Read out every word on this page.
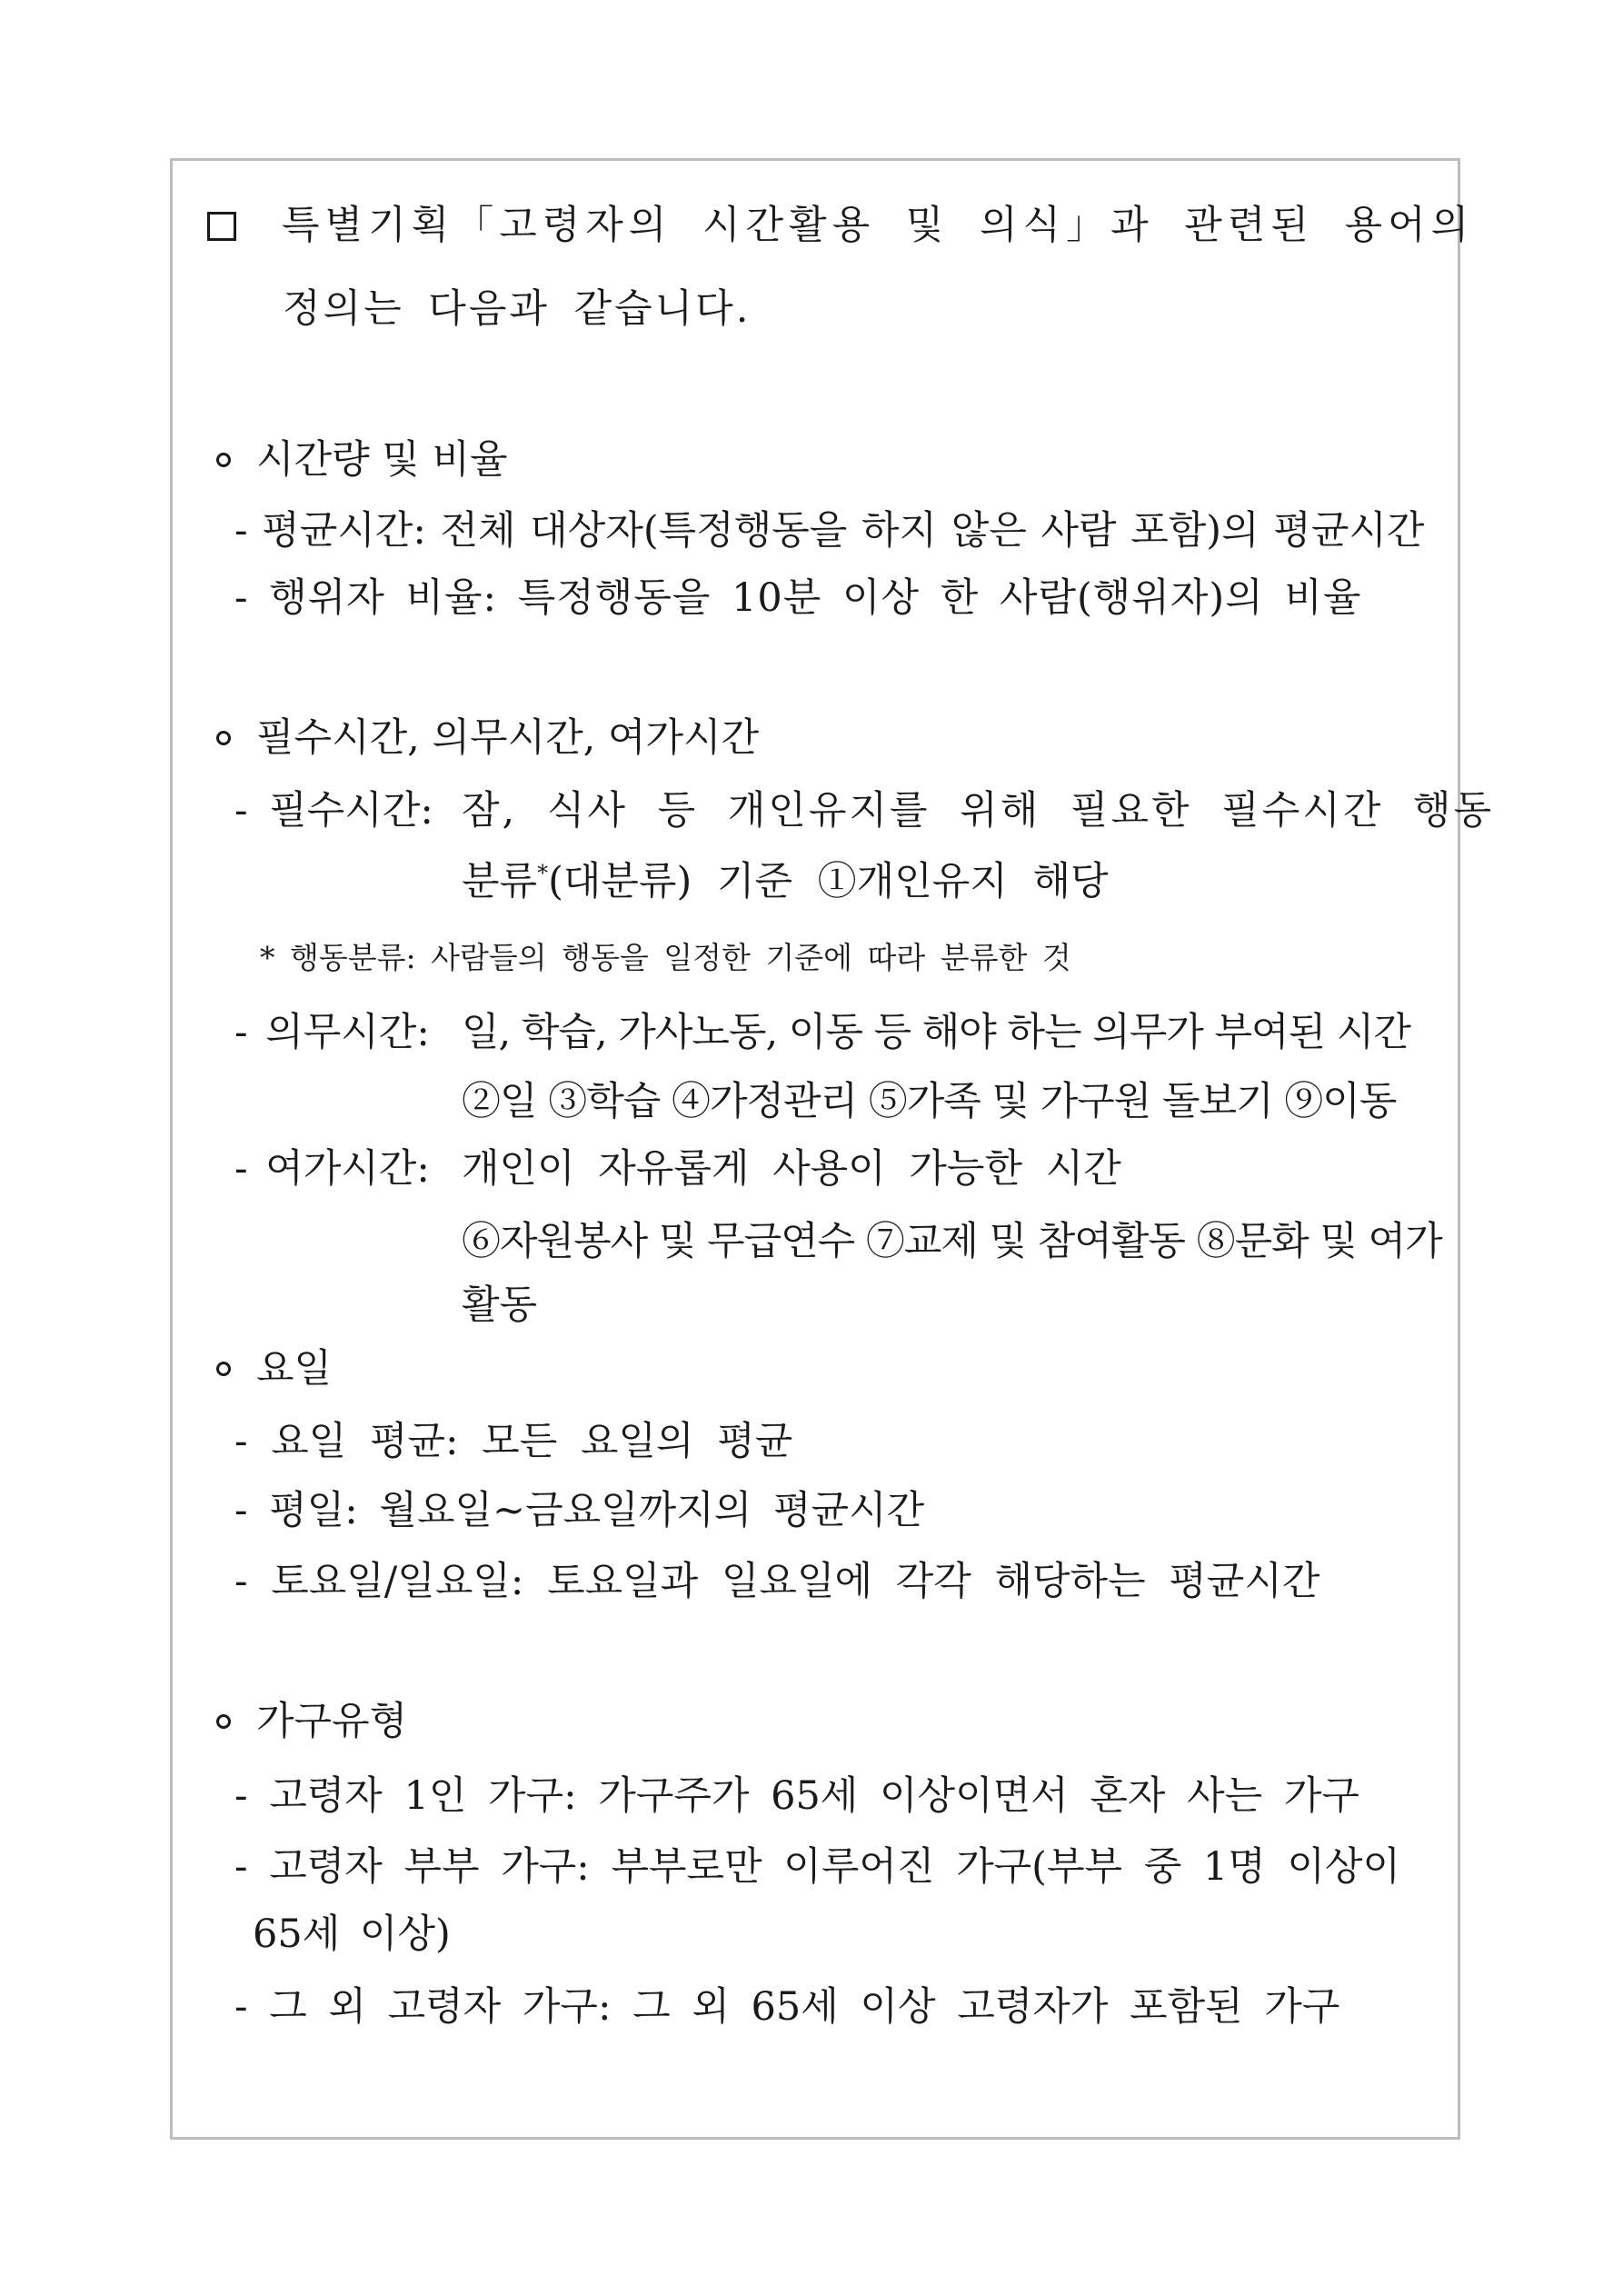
특별기획「고령자의 시간활용 및 의식」과 관련된 용어의
정의는 다음과 같습니다.
시간량 및 비율
- 평균시간: 전체 대상자(특정행동을 하지 않은 사람 포함)의 평균시간
- 행위자 비율: 특정행동을 10분 이상 한 사람(행위자)의 비율
필수시간, 의무시간, 여가시간
- 필수시간: 잠, 식사 등 개인유지를 위해 필요한 필수시간 행동
분류*(대분류) 기준 ①개인유지 해당
* 행동분류: 사람들의 행동을 일정한 기준에 따라 분류한 것
- 의무시간: 일, 학습, 가사노동, 이동 등 해야 하는 의무가 부여된 시간
②일 ③학습 ④가정관리 ⑤가족 및 가구원 돌보기 ⑨이동
- 여가시간: 개인이 자유롭게 사용이 가능한 시간
⑥자원봉사 및 무급연수 ⑦교제 및 참여활동 ⑧문화 및 여가
활동
요일
- 요일 평균: 모든 요일의 평균
- 평일: 월요일~금요일까지의 평균시간
- 토요일/일요일: 토요일과 일요일에 각각 해당하는 평균시간
가구유형
- 고령자 1인 가구: 가구주가 65세 이상이면서 혼자 사는 가구
- 고령자 부부 가구: 부부로만 이루어진 가구(부부 중 1명 이상이
65세 이상)
- 그 외 고령자 가구: 그 외 65세 이상 고령자가 포함된 가구
